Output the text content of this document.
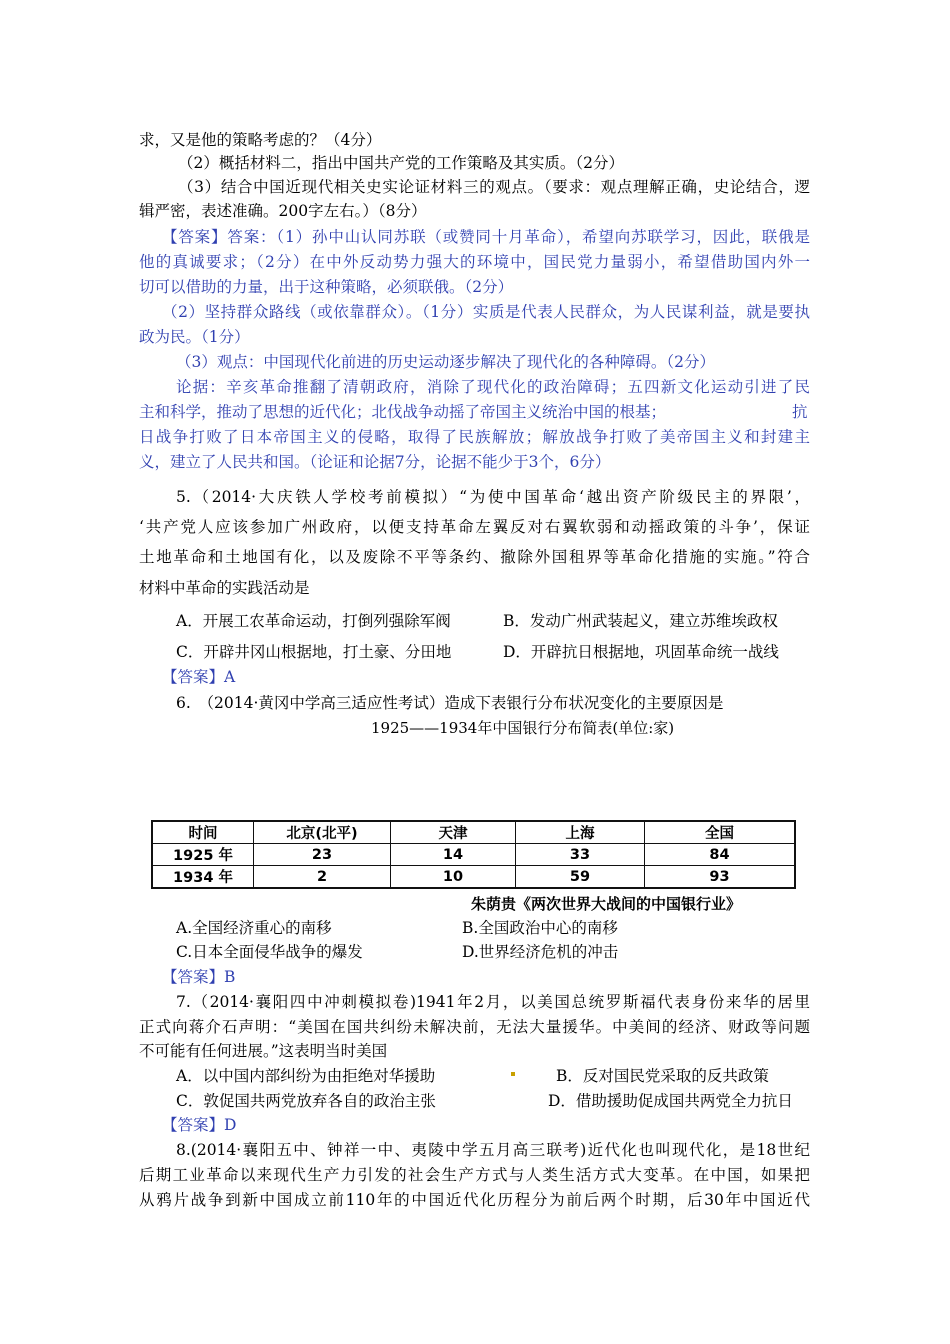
求，又是他的策略考虑的？（4分）
（2）概括材料二，指出中国共产党的工作策略及其实质。（2分）
（3）结合中国近现代相关史实论证材料三的观点。（要求：观点理解正确，史论结合，逻
辑严密，表述准确。200字左右。）（8分）
【答案】答案：（1）孙中山认同苏联（或赞同十月革命），希望向苏联学习，因此，联俄是
他的真诚要求；（2分）在中外反动势力强大的环境中，国民党力量弱小，希望借助国内外一
切可以借助的力量，出于这种策略，必须联俄。（2分）
（2）坚持群众路线（或依靠群众）。（1分）实质是代表人民群众，为人民谋利益，就是要执
政为民。（1分）
（3）观点：中国现代化前进的历史运动逐步解决了现代化的各种障碍。（2分）
论据：辛亥革命推翻了清朝政府，消除了现代化的政治障碍；五四新文化运动引进了民
主和科学，推动了思想的近代化；北伐战争动摇了帝国主义统治中国的根基；	抗
日战争打败了日本帝国主义的侵略，取得了民族解放；解放战争打败了美帝国主义和封建主
义，建立了人民共和国。（论证和论据7分，论据不能少于3个，6分）
5.（2014·大庆铁人学校考前模拟）“为使中国革命‘越出资产阶级民主的界限’，
‘共产党人应该参加广州政府，以便支持革命左翼反对右翼软弱和动摇政策的斗争’，保证
土地革命和土地国有化，以及废除不平等条约、撤除外国租界等革命化措施的实施。”符合
材料中革命的实践活动是
A．开展工农革命运动，打倒列强除军阀	B．发动广州武装起义，建立苏维埃政权
C．开辟井冈山根据地，打土豪、分田地	D．开辟抗日根据地，巩固革命统一战线
【答案】A
6.　（2014·黄冈中学高三适应性考试）造成下表银行分布状况变化的主要原因是
1925——1934年中国银行分布简表(单位:家)
时间	北京(北平)	天津	上海	全国
1925 年	23	14	33	84
1934 年	2	10	59	93
朱荫贵《两次世界大战间的中国银行业》
A.全国经济重心的南移	B.全国政治中心的南移
C.日本全面侵华战争的爆发	D.世界经济危机的冲击
【答案】B
7.（2014·襄阳四中冲刺模拟卷)1941年2月，以美国总统罗斯福代表身份来华的居里
正式向蒋介石声明：“美国在国共纠纷未解决前，无法大量援华。中美间的经济、财政等问题
不可能有任何进展。”这表明当时美国
A．以中国内部纠纷为由拒绝对华援助	B．反对国民党采取的反共政策
C．敦促国共两党放弃各自的政治主张	D．借助援助促成国共两党全力抗日
【答案】D
8.(2014·襄阳五中、钟祥一中、夷陵中学五月高三联考)近代化也叫现代化，是18世纪
后期工业革命以来现代生产力引发的社会生产方式与人类生活方式大变革。在中国，如果把
从鸦片战争到新中国成立前110年的中国近代化历程分为前后两个时期，后30年中国近代
